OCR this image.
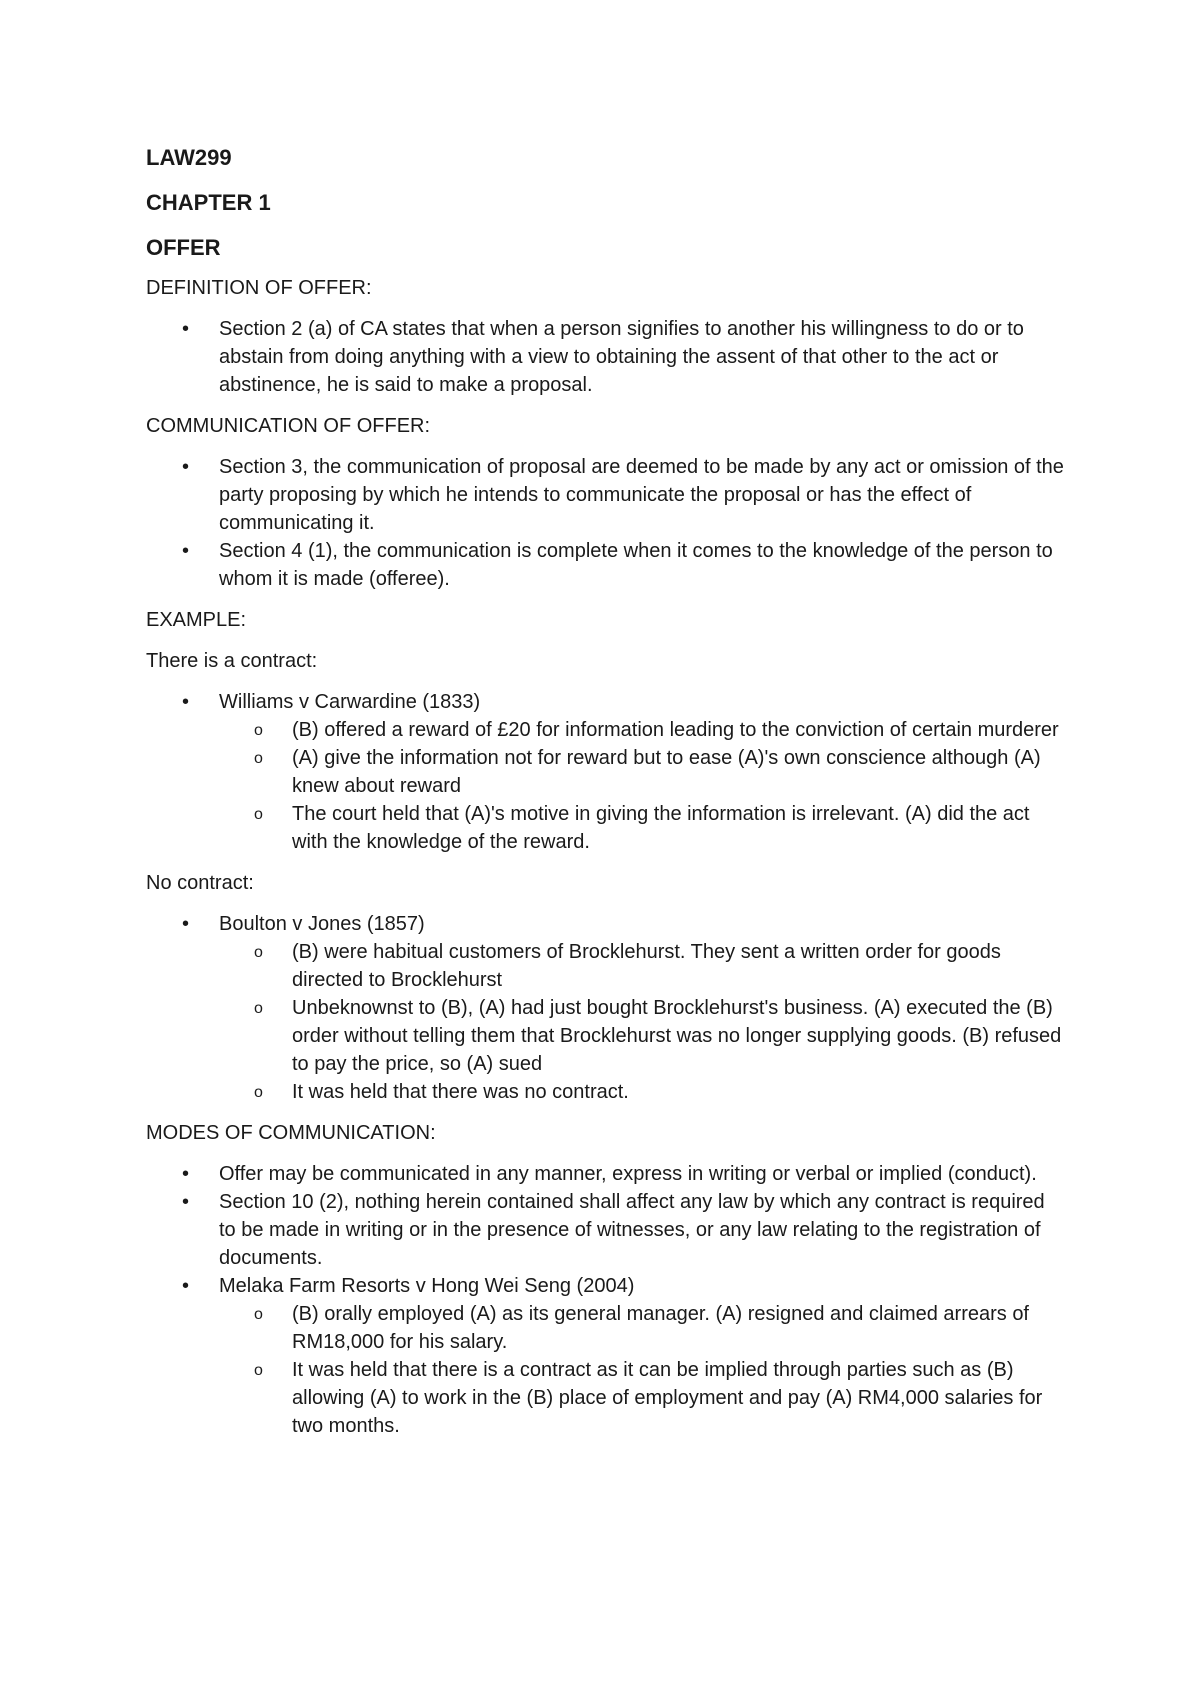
LAW299

CHAPTER 1

OFFER

DEFINITION OF OFFER:

• Section 2 (a) of CA states that when a person signifies to another his willingness to do or to abstain from doing anything with a view to obtaining the assent of that other to the act or abstinence, he is said to make a proposal.

COMMUNICATION OF OFFER:

• Section 3, the communication of proposal are deemed to be made by any act or omission of the party proposing by which he intends to communicate the proposal or has the effect of communicating it.
• Section 4 (1), the communication is complete when it comes to the knowledge of the person to whom it is made (offeree).

EXAMPLE:

There is a contract:

• Williams v Carwardine (1833)
o (B) offered a reward of £20 for information leading to the conviction of certain murderer
o (A) give the information not for reward but to ease (A)'s own conscience although (A) knew about reward
o The court held that (A)'s motive in giving the information is irrelevant. (A) did the act with the knowledge of the reward.

No contract:

• Boulton v Jones (1857)
o (B) were habitual customers of Brocklehurst. They sent a written order for goods directed to Brocklehurst
o Unbeknownst to (B), (A) had just bought Brocklehurst's business. (A) executed the (B) order without telling them that Brocklehurst was no longer supplying goods. (B) refused to pay the price, so (A) sued
o It was held that there was no contract.

MODES OF COMMUNICATION:

• Offer may be communicated in any manner, express in writing or verbal or implied (conduct).
• Section 10 (2), nothing herein contained shall affect any law by which any contract is required to be made in writing or in the presence of witnesses, or any law relating to the registration of documents.
• Melaka Farm Resorts v Hong Wei Seng (2004)
o (B) orally employed (A) as its general manager. (A) resigned and claimed arrears of RM18,000 for his salary.
o It was held that there is a contract as it can be implied through parties such as (B) allowing (A) to work in the (B) place of employment and pay (A) RM4,000 salaries for two months.
